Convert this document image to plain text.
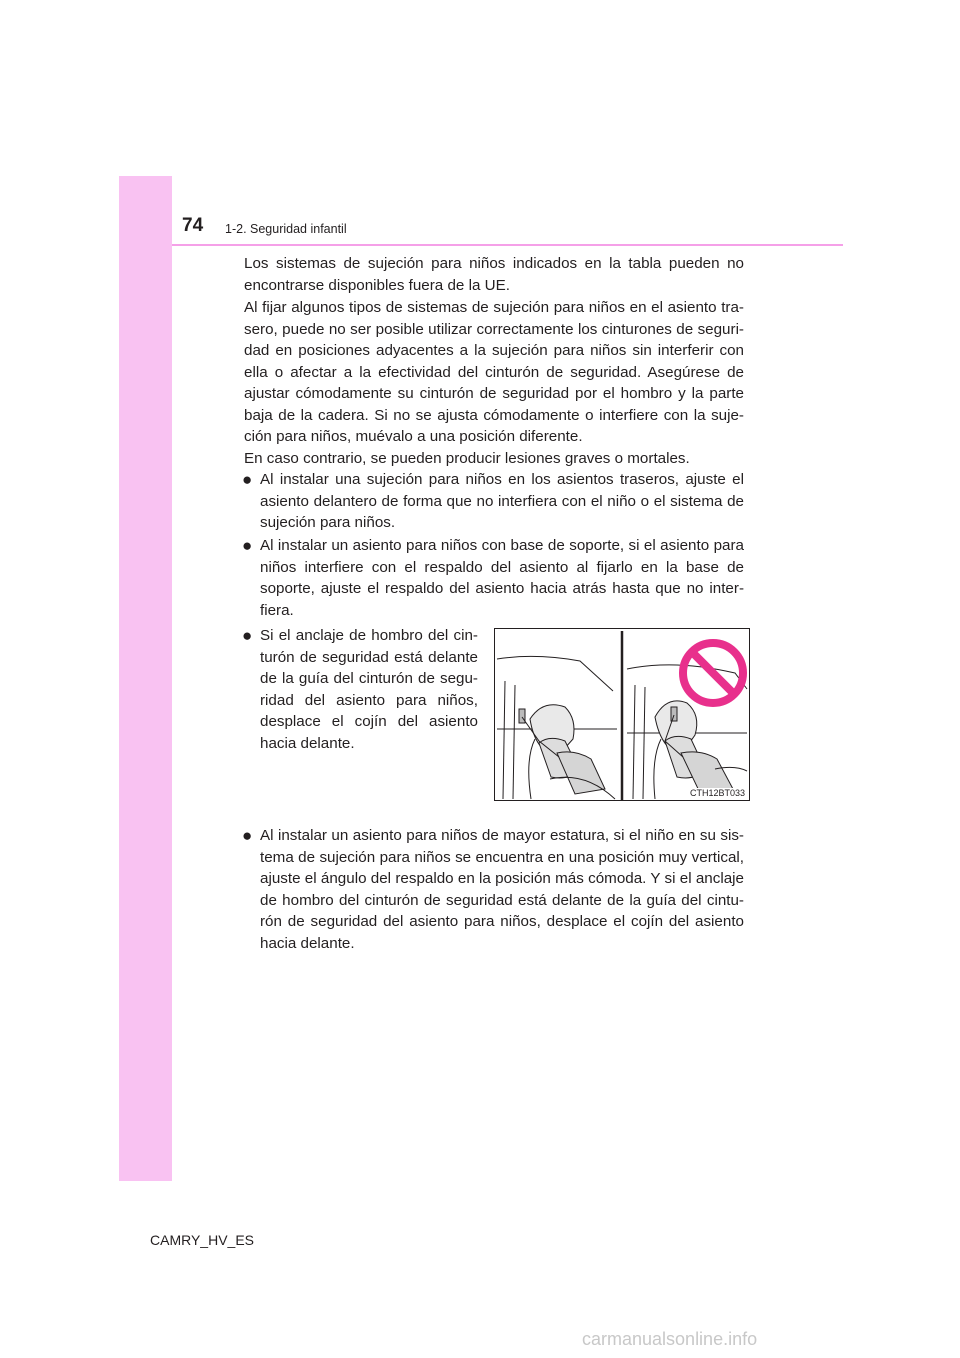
74 1-2. Seguridad infantil

Los sistemas de sujeción para niños indicados en la tabla pueden no encontrarse disponibles fuera de la UE.

Al fijar algunos tipos de sistemas de sujeción para niños en el asiento tra-sero, puede no ser posible utilizar correctamente los cinturones de seguri-dad en posiciones adyacentes a la sujeción para niños sin interferir con ella o afectar a la efectividad del cinturón de seguridad. Asegúrese de ajustar cómodamente su cinturón de seguridad por el hombro y la parte baja de la cadera. Si no se ajusta cómodamente o interfiere con la suje-ción para niños, muévalo a una posición diferente.

En caso contrario, se pueden producir lesiones graves o mortales.

● Al instalar una sujeción para niños en los asientos traseros, ajuste el asiento delantero de forma que no interfiera con el niño o el sistema de sujeción para niños.

● Al instalar un asiento para niños con base de soporte, si el asiento para niños interfiere con el respaldo del asiento al fijarlo en la base de soporte, ajuste el respaldo del asiento hacia atrás hasta que no inter-fiera.

● Si el anclaje de hombro del cin-turón de seguridad está delante de la guía del cinturón de segu-ridad del asiento para niños, desplace el cojín del asiento hacia delante.

CTH12BT033
● Al instalar un asiento para niños de mayor estatura, si el niño en su sis-tema de sujeción para niños se encuentra en una posición muy vertical, ajuste el ángulo del respaldo en la posición más cómoda. Y si el anclaje de hombro del cinturón de seguridad está delante de la guía del cintu-rón de seguridad del asiento para niños, desplace el cojín del asiento hacia delante.

CAMRY_HV_ES
carmanualsonline.info
